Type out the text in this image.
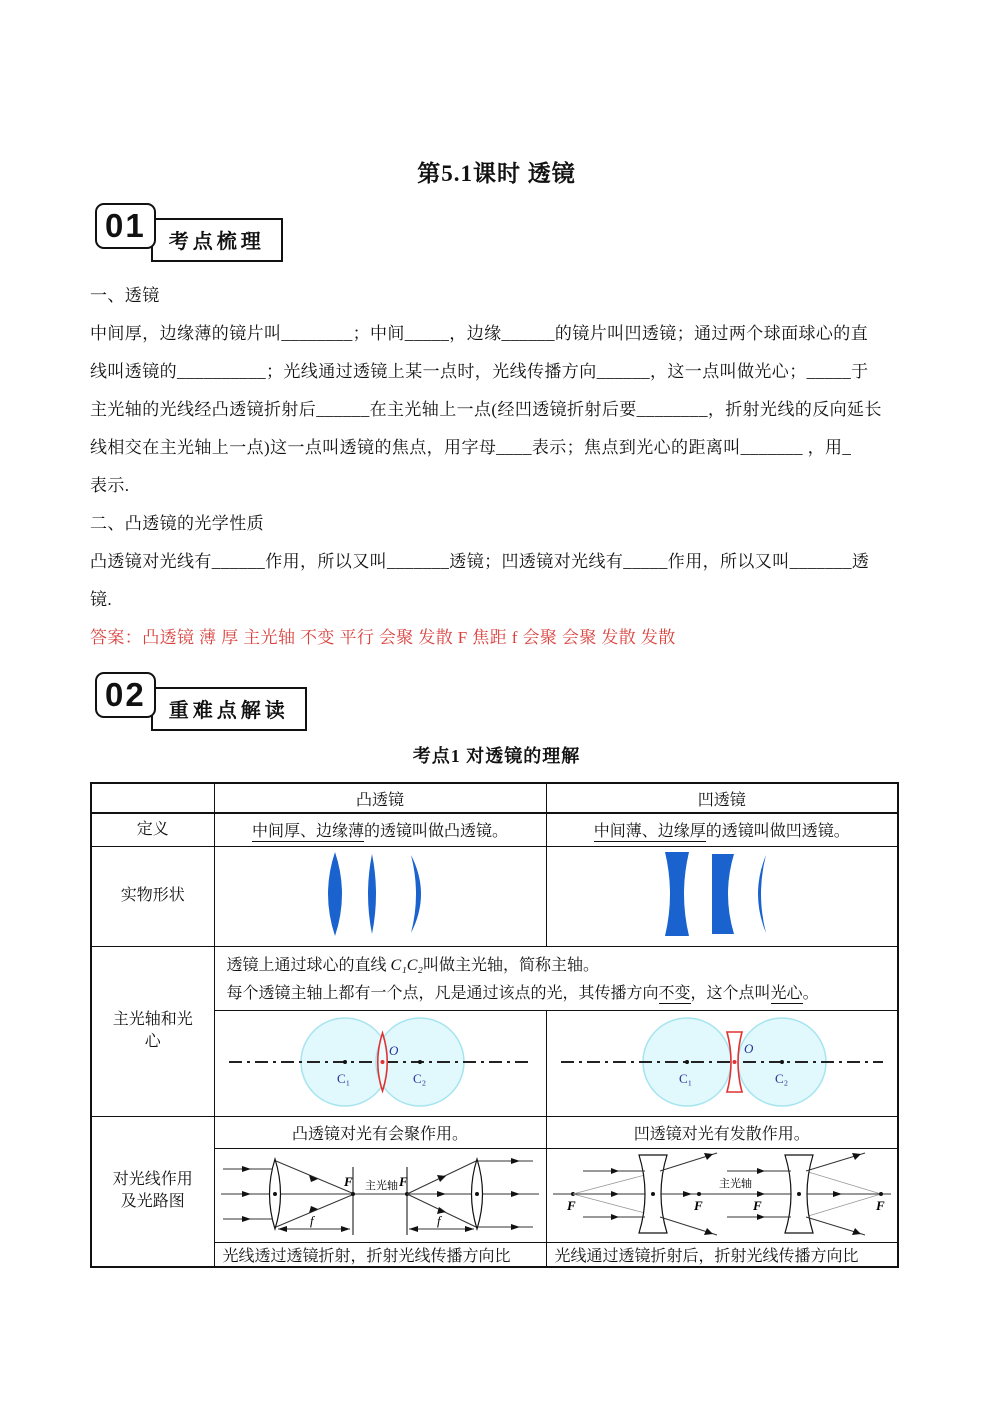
第5.1课时 透镜
01	考点梳理
一、透镜
中间厚，边缘薄的镜片叫________；中间_____，边缘______的镜片叫凹透镜；通过两个球面球心的直
线叫透镜的__________；光线通过透镜上某一点时，光线传播方向______，这一点叫做光心；_____于
主光轴的光线经凸透镜折射后______在主光轴上一点(经凹透镜折射后要________，折射光线的反向延长
线相交在主光轴上一点)这一点叫透镜的焦点，用字母____表示；焦点到光心的距离叫_______ ，用_
表示.
二、凸透镜的光学性质
凸透镜对光线有______作用，所以又叫_______透镜；凹透镜对光线有_____作用，所以又叫_______透
镜.
答案：凸透镜 薄 厚 主光轴 不变 平行 会聚 发散 F 焦距 f 会聚 会聚 发散 发散
02	重难点解读
考点1 对透镜的理解
	凸透镜	凹透镜
定义	中间厚、边缘薄的透镜叫做凸透镜。	中间薄、边缘厚的透镜叫做凹透镜。
实物形状		
主光轴和光心	透镜上通过球心的直线 C₁C₂叫做主光轴，简称主轴。
每个透镜主轴上都有一个点，凡是通过该点的光，其传播方向不变，这个点叫光心。	

C₁ C₂
O	C₁ C₂
O

对光线作用及光路图	凸透镜对光有会聚作用。	凹透镜对光有发散作用。

F
f
主光轴 F
f	F F
主光轴
F F

	光线透过透镜折射，折射光线传播方向比	光线通过透镜折射后，折射光线传播方向比
